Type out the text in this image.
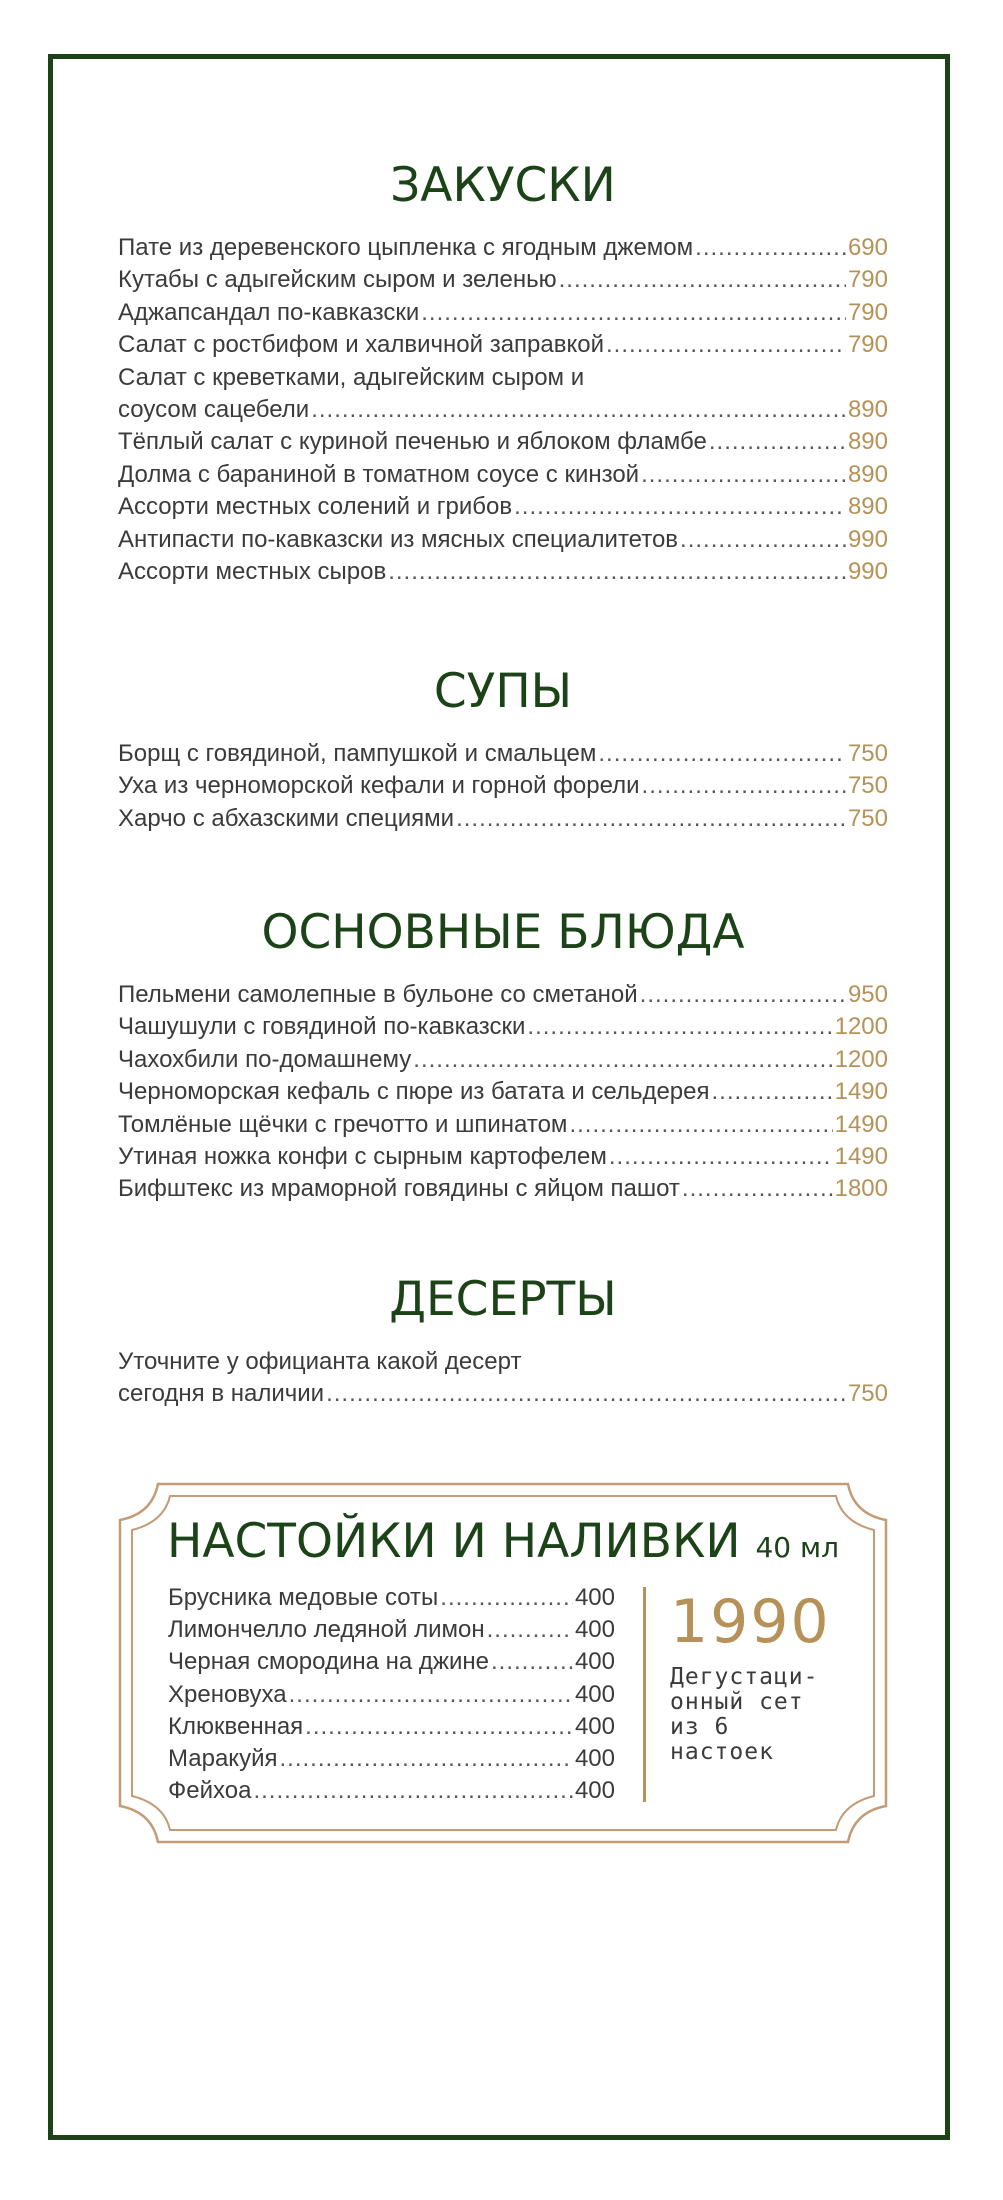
ЗАКУСКИ
Пате из деревенского цыпленка с ягодным джемом .....	690
Кутабы с адыгейским сыром и зеленью .....	790
Аджапсандал по-кавказски .....	790
Салат с ростбифом и халвичной заправкой .....	790
Салат с креветками, адыгейским сыром и
соусом сацебели .....	890
Тёплый салат с куриной печенью и яблоком фламбе .....	890
Долма с бараниной в томатном соусе с кинзой .....	890
Ассорти местных солений и грибов .....	890
Антипасти по-кавказски из мясных специалитетов .....	990
Ассорти местных сыров .....	990
СУПЫ
Борщ с говядиной, пампушкой и смальцем .....	750
Уха из черноморской кефали и горной форели .....	750
Харчо с абхазскими специями .....	750
ОСНОВНЫЕ БЛЮДА
Пельмени самолепные в бульоне со сметаной .....	950
Чашушули с говядиной по-кавказски .....	1200
Чахохбили по-домашнему .....	1200
Черноморская кефаль с пюре из батата и сельдерея .....	1490
Томлёные щёчки с гречотто и шпинатом .....	1490
Утиная ножка конфи с сырным картофелем .....	1490
Бифштекс из мраморной говядины с яйцом пашот .....	1800
ДЕСЕРТЫ
Уточните у официанта какой десерт
сегодня в наличии .....	750
НАСТОЙКИ И НАЛИВКИ 40 мл
Брусника медовые соты .....	400
Лимончелло ледяной лимон .....	400
Черная смородина на джине .....	400
Хреновуха .....	400
Клюквенная .....	400
Маракуйя .....	400
Фейхоа .....	400
1990
Дегустаци-
онный сет
из 6
настоек
